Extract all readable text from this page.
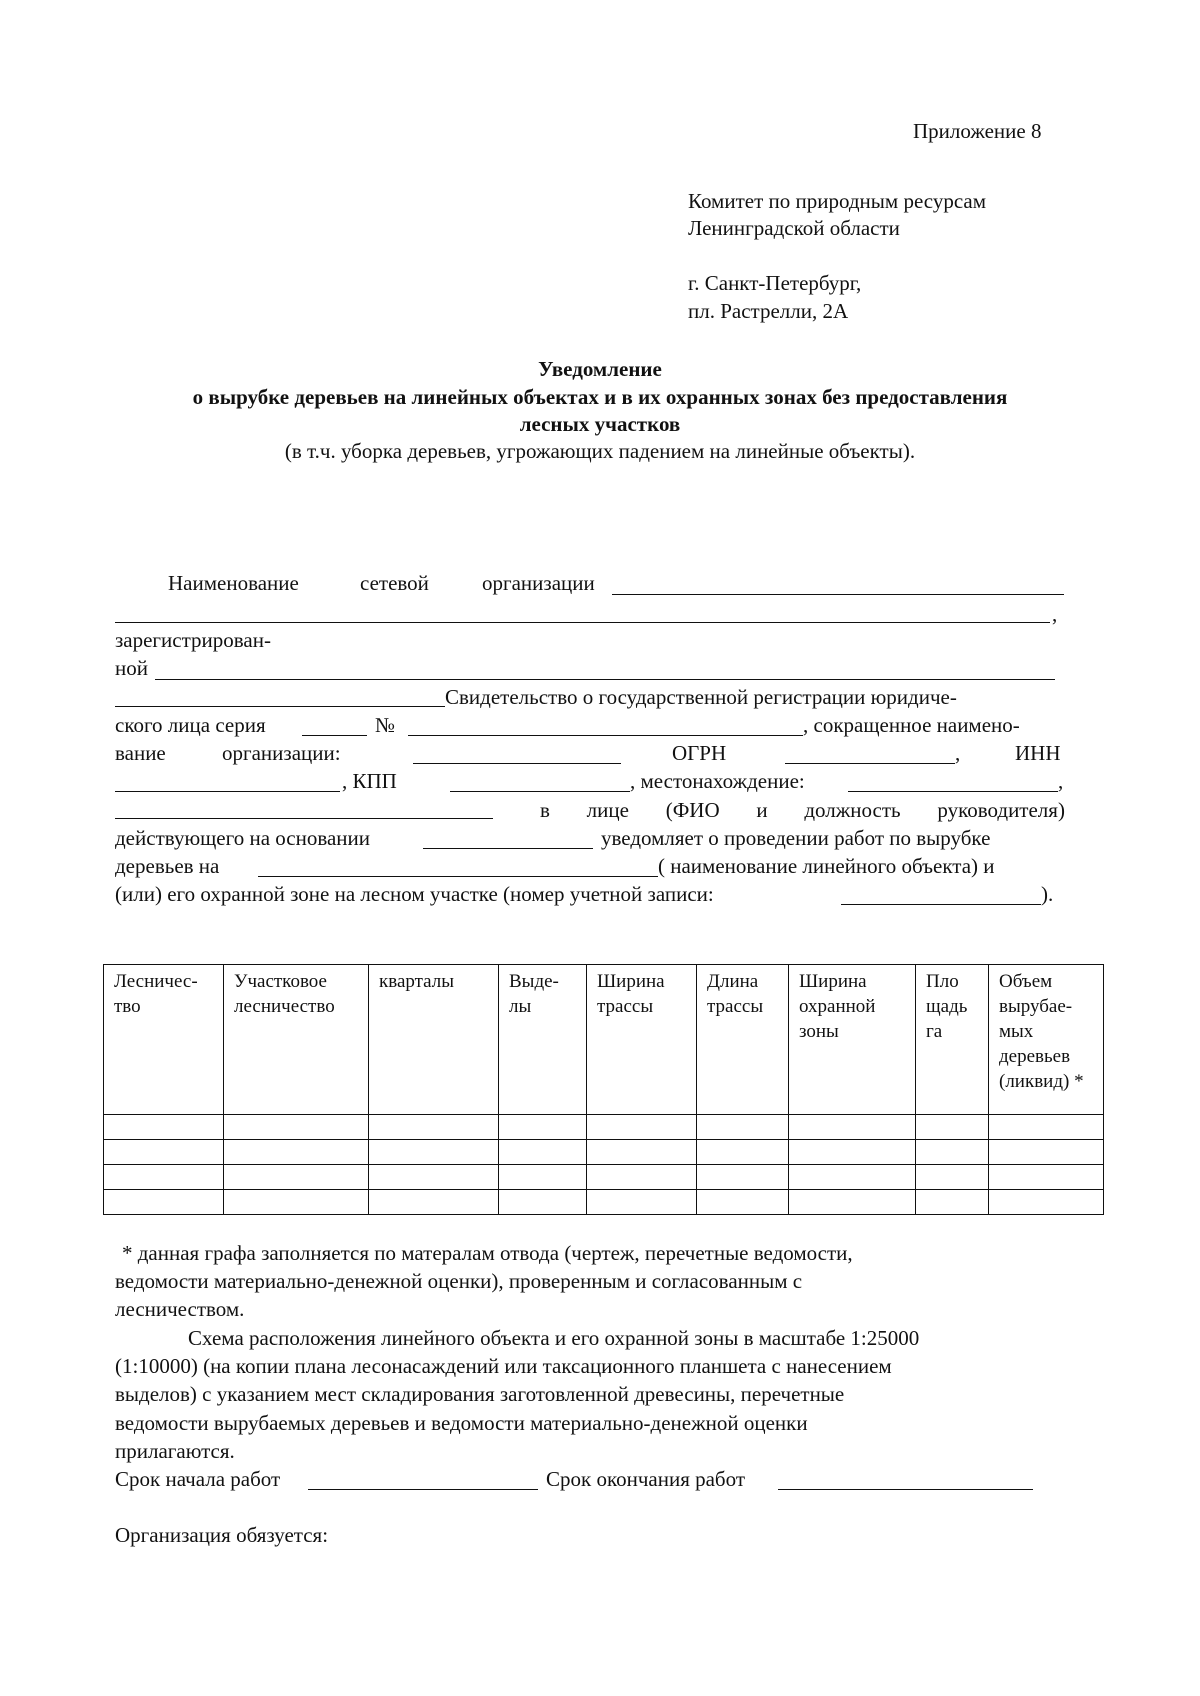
Приложение 8
Комитет по природным ресурсам
Ленинградской области
г. Санкт-Петербург,
пл. Растрелли, 2А
Уведомление
о вырубке деревьев на линейных объектах и в их охранных зонах без предоставления
лесных участков
(в т.ч. уборка деревьев, угрожающих падением на линейные объекты).
Наименование	сетевой	организации
,
зарегистрирован-
ной
Свидетельство о государственной регистрации юридиче-
ского лица серия	№	, сокращенное наимено-
вание	организации:	ОГРН	,	ИНН
, КПП	, местонахождение:	,
в лице (ФИО и должность руководителя)
действующего на основании	уведомляет о проведении работ по вырубке
деревьев на	( наименование линейного объекта) и
(или) его охранной зоне на лесном участке (номер учетной записи:	).
Лесничес-тво	Участковое лесничество	кварталы	Выде-лы	Ширина трассы	Длина трассы	Ширина охранной зоны	Пло щадь га	Объем вырубае-мых деревьев (ликвид) *

* данная графа заполняется по матералам отвода (чертеж, перечетные ведомости,
ведомости материально-денежной оценки), проверенным и согласованным с
лесничеством.
Схема расположения линейного объекта и его охранной зоны в масштабе 1:25000
(1:10000) (на копии плана лесонасаждений или таксационного планшета с нанесением
выделов) с указанием мест складирования заготовленной древесины, перечетные
ведомости вырубаемых деревьев и ведомости материально-денежной оценки
прилагаются.
Срок начала работ	Срок окончания работ
Организация обязуется:
